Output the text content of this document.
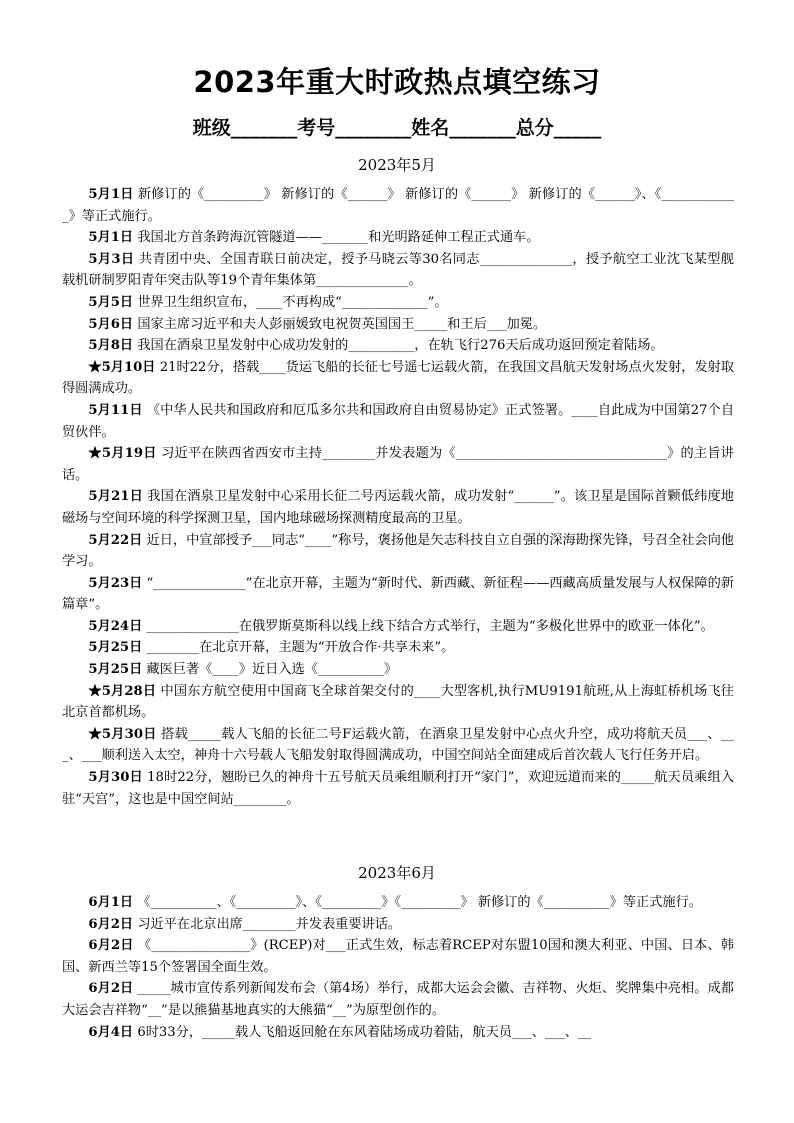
2023年重大时政热点填空练习
班级_______考号________姓名_______总分_____
2023年5月

5月1日 新修订的《_________》 新修订的《______》 新修订的《______》 新修订的《______》、《____________》等正式施行。

5月1日 我国北方首条跨海沉管隧道——_______和光明路延伸工程正式通车。

5月3日 共青团中央、全国青联日前决定，授予马晓云等30名同志______________，授予航空工业沈飞某型舰载机研制罗阳青年突击队等19个青年集体第______________。

5月5日 世界卫生组织宣布，____不再构成“_____________”。

5月6日 国家主席习近平和夫人彭丽媛致电祝贺英国国王_____和王后___加冕。

5月8日 我国在酒泉卫星发射中心成功发射的__________，在轨飞行276天后成功返回预定着陆场。

★5月10日 21时22分，搭载____货运飞船的长征七号遥七运载火箭，在我国文昌航天发射场点火发射，发射取得圆满成功。

5月11日 《中华人民共和国政府和厄瓜多尔共和国政府自由贸易协定》正式签署。____自此成为中国第27个自贸伙伴。

★5月19日 习近平在陕西省西安市主持________并发表题为《________________________________》的主旨讲话。

5月21日 我国在酒泉卫星发射中心采用长征二号丙运载火箭，成功发射“______”。该卫星是国际首颗低纬度地磁场与空间环境的科学探测卫星，国内地球磁场探测精度最高的卫星。

5月22日 近日，中宣部授予___同志“____”称号，褒扬他是矢志科技自立自强的深海勘探先锋，号召全社会向他学习。

5月23日 “______________”在北京开幕，主题为“新时代、新西藏、新征程——西藏高质量发展与人权保障的新篇章”。

5月24日 ______________在俄罗斯莫斯科以线上线下结合方式举行，主题为“多极化世界中的欧亚一体化”。

5月25日 ________在北京开幕，主题为“开放合作·共享未来”。

5月25日 藏医巨著《____》近日入选《__________》

★5月28日 中国东方航空使用中国商飞全球首架交付的____大型客机,执行MU9191航班,从上海虹桥机场飞往北京首都机场。

★5月30日 搭载_____载人飞船的长征二号F运载火箭，在酒泉卫星发射中心点火升空，成功将航天员___、___、___顺利送入太空，神舟十六号载人飞船发射取得圆满成功，中国空间站全面建成后首次载人飞行任务开启。

5月30日 18时22分，翘盼已久的神舟十五号航天员乘组顺利打开“家门”，欢迎远道而来的_____航天员乘组入驻“天宫”，这也是中国空间站________。

2023年6月

6月1日 《__________、《_________》、《_________》《_________》 新修订的《__________》等正式施行。

6月2日 习近平在北京出席________并发表重要讲话。

6月2日 《_______________》(RCEP)对___正式生效，标志着RCEP对东盟10国和澳大利亚、中国、日本、韩国、新西兰等15个签署国全面生效。

6月2日 _____城市宣传系列新闻发布会（第4场）举行，成都大运会会徽、吉祥物、火炬、奖牌集中亮相。成都大运会吉祥物“__”是以熊猫基地真实的大熊猫“__”为原型创作的。

6月4日 6时33分，_____载人飞船返回舱在东风着陆场成功着陆，航天员___、___、__
